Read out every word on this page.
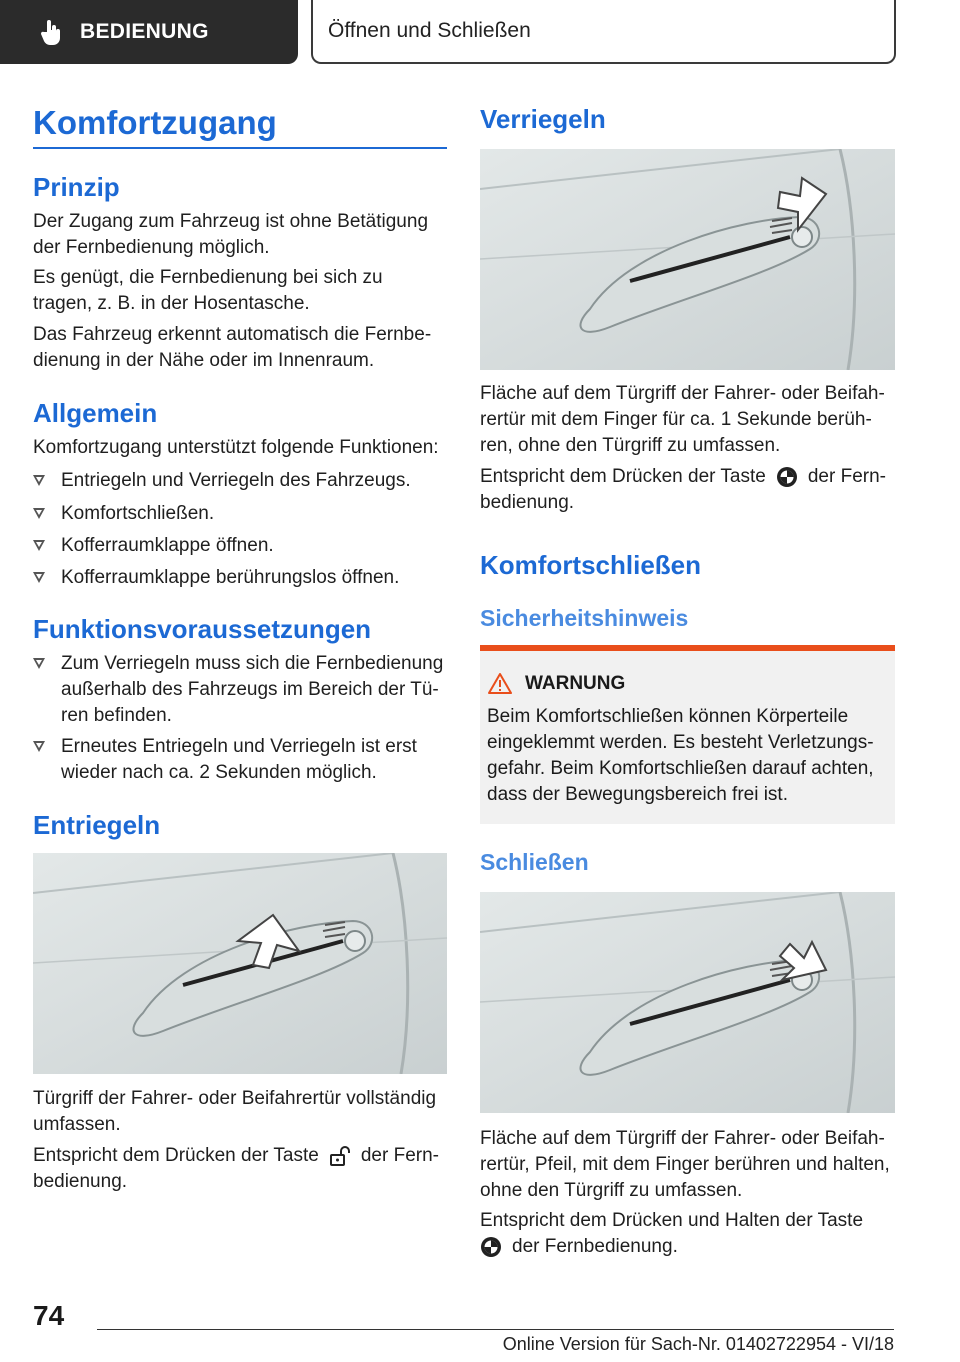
BEDIENUNG	Öffnen und Schließen
Komfortzugang
Prinzip
Der Zugang zum Fahrzeug ist ohne Betätigung der Fernbedienung möglich.
Es genügt, die Fernbedienung bei sich zu tragen, z. B. in der Hosentasche.
Das Fahrzeug erkennt automatisch die Fernbe-dienung in der Nähe oder im Innenraum.
Allgemein
Komfortzugang unterstützt folgende Funktionen:
Entriegeln und Verriegeln des Fahrzeugs.
Komfortschließen.
Kofferraumklappe öffnen.
Kofferraumklappe berührungslos öffnen.
Funktionsvoraussetzungen
Zum Verriegeln muss sich die Fernbedienung außerhalb des Fahrzeugs im Bereich der Tü-ren befinden.
Erneutes Entriegeln und Verriegeln ist erst wieder nach ca. 2 Sekunden möglich.
Entriegeln
Türgriff der Fahrer- oder Beifahrertür vollständig umfassen.
Entspricht dem Drücken der Taste der Fern-
bedienung.
Verriegeln
Fläche auf dem Türgriff der Fahrer- oder Beifah-rertür mit dem Finger für ca. 1 Sekunde berüh-ren, ohne den Türgriff zu umfassen.
Entspricht dem Drücken der Taste der Fern-
bedienung.
Komfortschließen
Sicherheitshinweis
WARNUNG
Beim Komfortschließen können Körperteile eingeklemmt werden. Es besteht Verletzungs-gefahr. Beim Komfortschließen darauf achten, dass der Bewegungsbereich frei ist.
Schließen
Fläche auf dem Türgriff der Fahrer- oder Beifah-rertür, Pfeil, mit dem Finger berühren und halten, ohne den Türgriff zu umfassen.
Entspricht dem Drücken und Halten der Taste
der Fernbedienung.
74
Online Version für Sach-Nr. 01402722954 - VI/18
